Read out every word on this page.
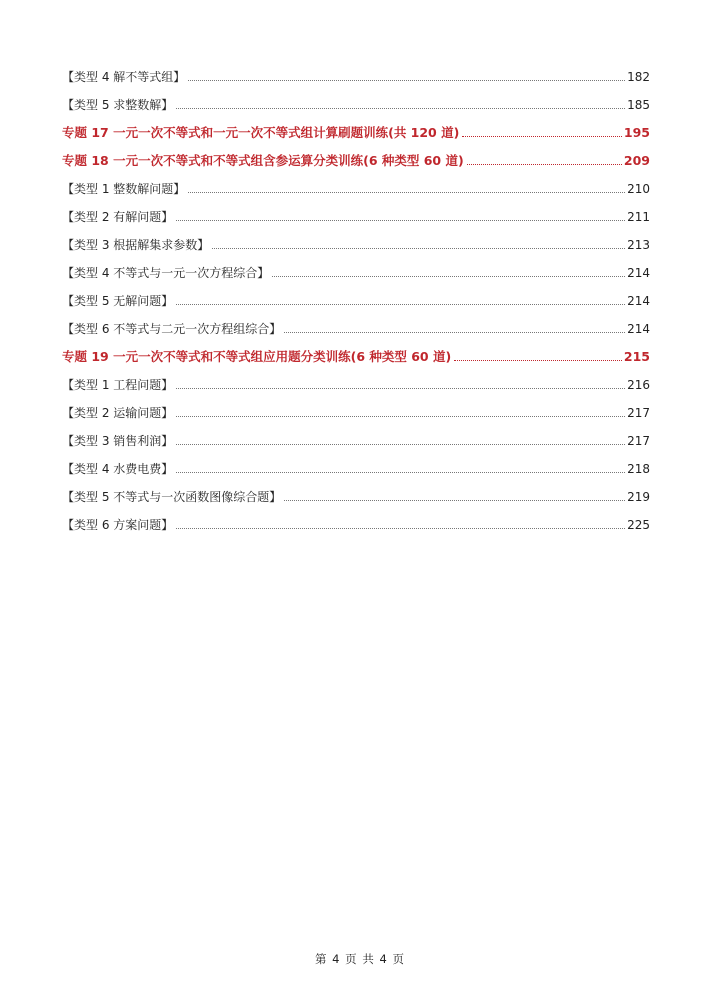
【类型 4 解不等式组】	182
【类型 5 求整数解】	185
专题 17 一元一次不等式和一元一次不等式组计算刷题训练(共 120 道)	195
专题 18 一元一次不等式和不等式组含参运算分类训练(6 种类型 60 道)	209
【类型 1 整数解问题】	210
【类型 2 有解问题】	211
【类型 3 根据解集求参数】	213
【类型 4 不等式与一元一次方程综合】	214
【类型 5 无解问题】	214
【类型 6 不等式与二元一次方程组综合】	214
专题 19 一元一次不等式和不等式组应用题分类训练(6 种类型 60 道)	215
【类型 1 工程问题】	216
【类型 2 运输问题】	217
【类型 3 销售利润】	217
【类型 4 水费电费】	218
【类型 5 不等式与一次函数图像综合题】	219
【类型 6 方案问题】	225
第 4 页 共 4 页
